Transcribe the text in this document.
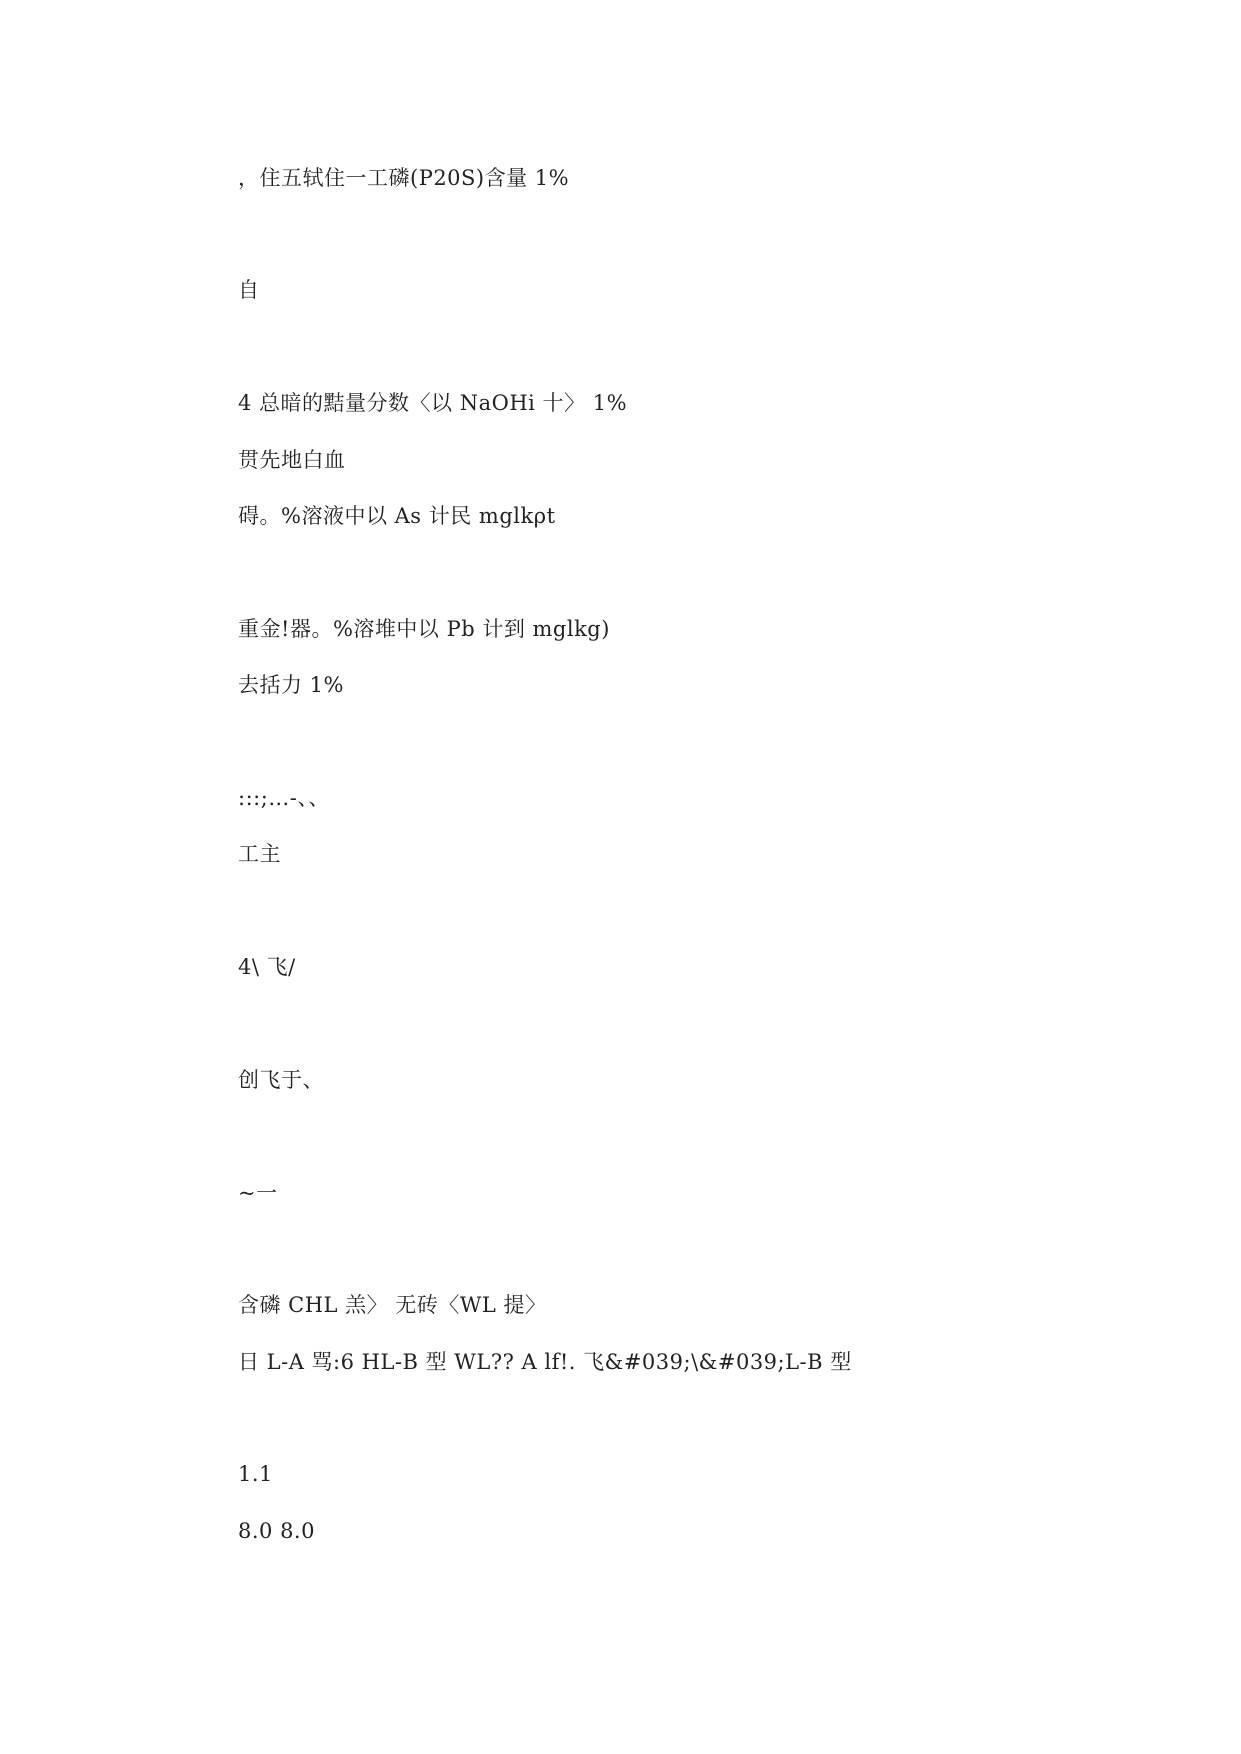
，住五轼住一工磷(P20S)含量 1%

自

4 总暗的黠量分数〈以 NaOHi 十〉 1%

贯先地白血

碍。%溶液中以 As 计民 mglkρt

重金!器。%溶堆中以 Pb 计到 mglkg)

去括力 1%

:::;…-、、

工主

4\ 飞/

创飞于、

~一

含磷 CHL 羔〉 无砖〈WL 提〉

日 L-A 骂:6 HL-B 型 WL?? A lf!. 飞&#039;\&#039;L-B 型

1.1

8.0 8.0
